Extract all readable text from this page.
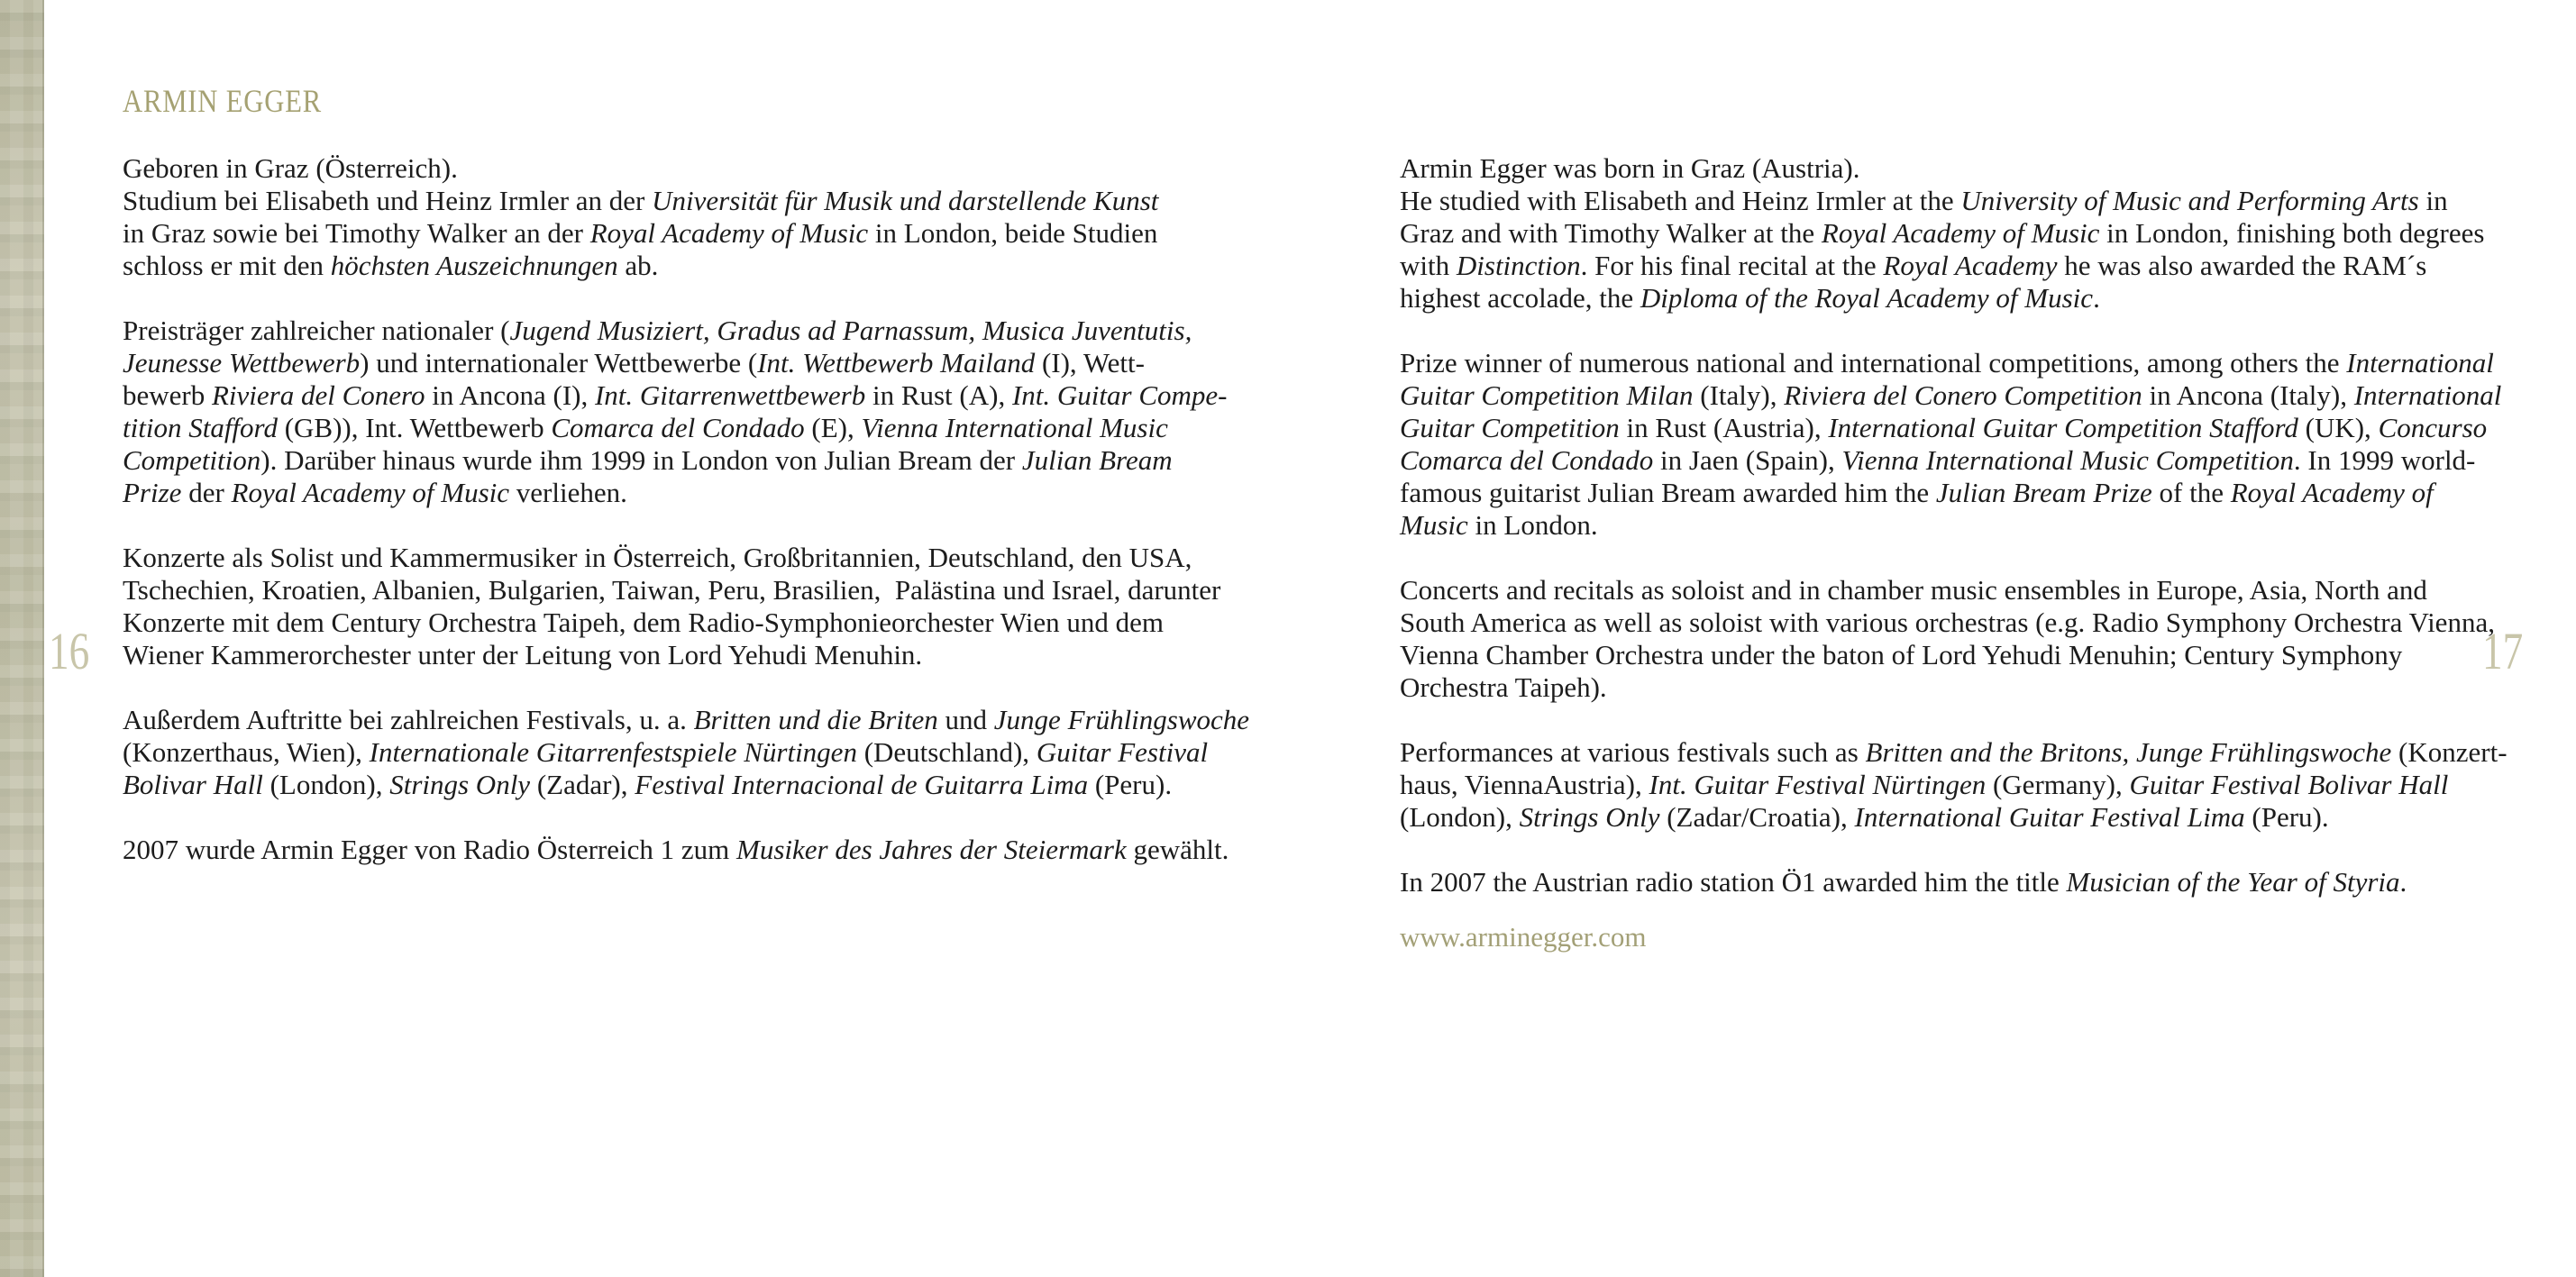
16	17
ARMIN EGGER

Geboren in Graz (Österreich).
Studium bei Elisabeth und Heinz Irmler an der Universität für Musik und darstellende Kunst
in Graz sowie bei Timothy Walker an der Royal Academy of Music in London, beide Studien
schloss er mit den höchsten Auszeichnungen ab.

Preisträger zahlreicher nationaler (Jugend Musiziert, Gradus ad Parnassum, Musica Juventutis,
Jeunesse Wettbewerb) und internationaler Wettbewerbe (Int. Wettbewerb Mailand (I), Wett-
bewerb Riviera del Conero in Ancona (I), Int. Gitarrenwettbewerb in Rust (A), Int. Guitar Compe-
tition Stafford (GB)), Int. Wettbewerb Comarca del Condado (E), Vienna International Music
Competition). Darüber hinaus wurde ihm 1999 in London von Julian Bream der Julian Bream
Prize der Royal Academy of Music verliehen.

Konzerte als Solist und Kammermusiker in Österreich, Großbritannien, Deutschland, den USA,
Tschechien, Kroatien, Albanien, Bulgarien, Taiwan, Peru, Brasilien,  Palästina und Israel, darunter
Konzerte mit dem Century Orchestra Taipeh, dem Radio-Symphonieorchester Wien und dem
Wiener Kammerorchester unter der Leitung von Lord Yehudi Menuhin.

Außerdem Auftritte bei zahlreichen Festivals, u. a. Britten und die Briten und Junge Frühlingswoche
(Konzerthaus, Wien), Internationale Gitarrenfestspiele Nürtingen (Deutschland), Guitar Festival
Bolivar Hall (London), Strings Only (Zadar), Festival Internacional de Guitarra Lima (Peru).

2007 wurde Armin Egger von Radio Österreich 1 zum Musiker des Jahres der Steiermark gewählt.

Armin Egger was born in Graz (Austria).
He studied with Elisabeth and Heinz Irmler at the University of Music and Performing Arts in
Graz and with Timothy Walker at the Royal Academy of Music in London, finishing both degrees
with Distinction. For his final recital at the Royal Academy he was also awarded the RAM´s
highest accolade, the Diploma of the Royal Academy of Music.

Prize winner of numerous national and international competitions, among others the International
Guitar Competition Milan (Italy), Riviera del Conero Competition in Ancona (Italy), International
Guitar Competition in Rust (Austria), International Guitar Competition Stafford (UK), Concurso
Comarca del Condado in Jaen (Spain), Vienna International Music Competition. In 1999 world-
famous guitarist Julian Bream awarded him the Julian Bream Prize of the Royal Academy of
Music in London.

Concerts and recitals as soloist and in chamber music ensembles in Europe, Asia, North and
South America as well as soloist with various orchestras (e.g. Radio Symphony Orchestra Vienna,
Vienna Chamber Orchestra under the baton of Lord Yehudi Menuhin; Century Symphony
Orchestra Taipeh).

Performances at various festivals such as Britten and the Britons, Junge Frühlingswoche (Konzert-
haus, ViennaAustria), Int. Guitar Festival Nürtingen (Germany), Guitar Festival Bolivar Hall
(London), Strings Only (Zadar/Croatia), International Guitar Festival Lima (Peru).

In 2007 the Austrian radio station Ö1 awarded him the title Musician of the Year of Styria.

www.arminegger.com
